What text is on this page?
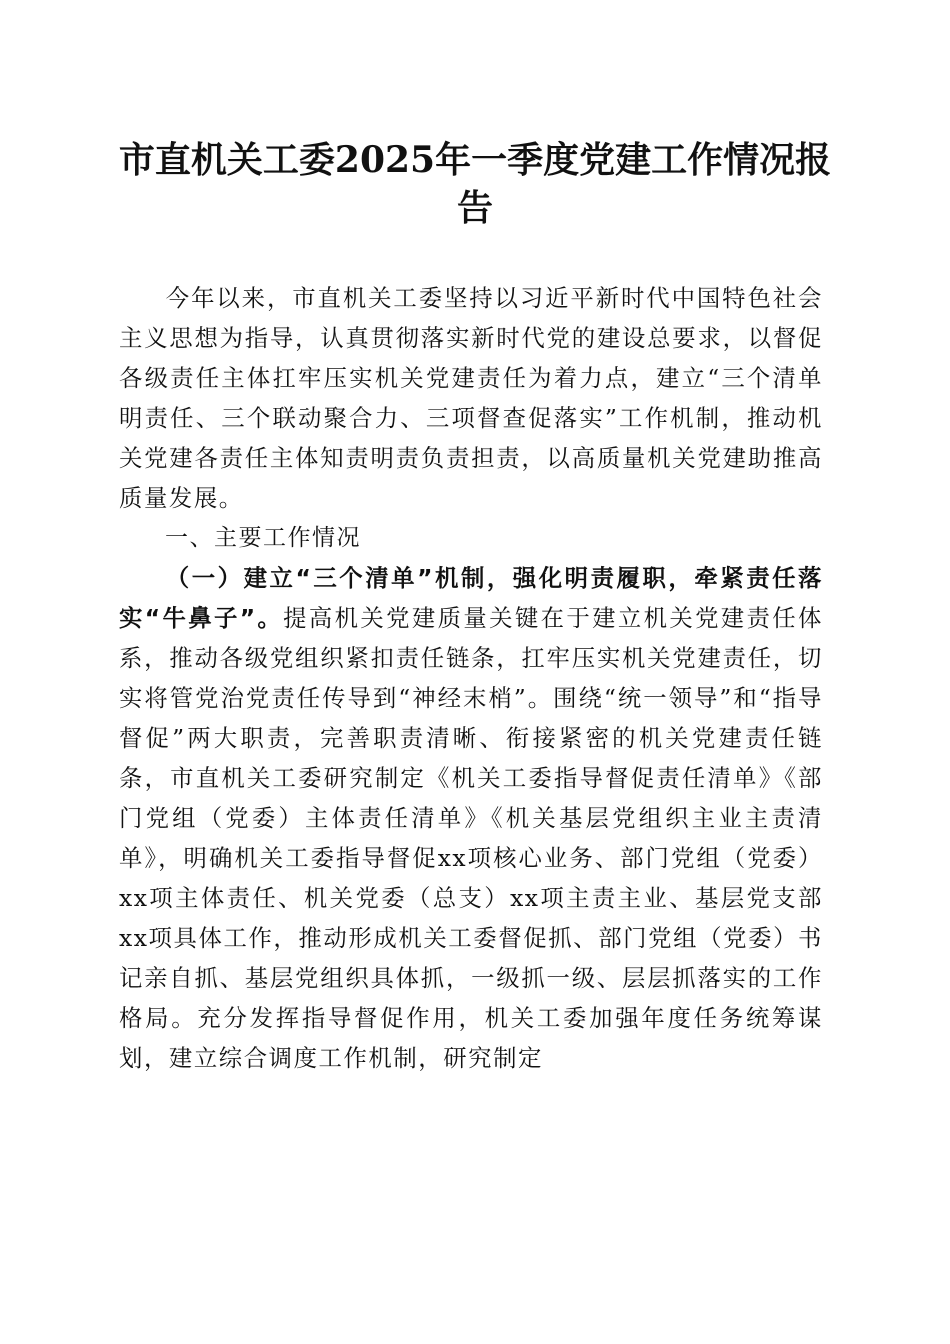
市直机关工委2025年一季度党建工作情况报告

今年以来，市直机关工委坚持以习近平新时代中国特色社会主义思想为指导，认真贯彻落实新时代党的建设总要求，以督促各级责任主体扛牢压实机关党建责任为着力点，建立“三个清单明责任、三个联动聚合力、三项督查促落实”工作机制，推动机关党建各责任主体知责明责负责担责，以高质量机关党建助推高质量发展。

一、主要工作情况

（一）建立“三个清单”机制，强化明责履职，牵紧责任落实“牛鼻子”。提高机关党建质量关键在于建立机关党建责任体系，推动各级党组织紧扣责任链条，扛牢压实机关党建责任，切实将管党治党责任传导到“神经末梢”。围绕“统一领导”和“指导督促”两大职责，完善职责清晰、衔接紧密的机关党建责任链条，市直机关工委研究制定《机关工委指导督促责任清单》《部门党组（党委）主体责任清单》《机关基层党组织主业主责清单》，明确机关工委指导督促xx项核心业务、部门党组（党委）xx项主体责任、机关党委（总支）xx项主责主业、基层党支部xx项具体工作，推动形成机关工委督促抓、部门党组（党委）书记亲自抓、基层党组织具体抓，一级抓一级、层层抓落实的工作格局。充分发挥指导督促作用，机关工委加强年度任务统筹谋划，建立综合调度工作机制，研究制定
